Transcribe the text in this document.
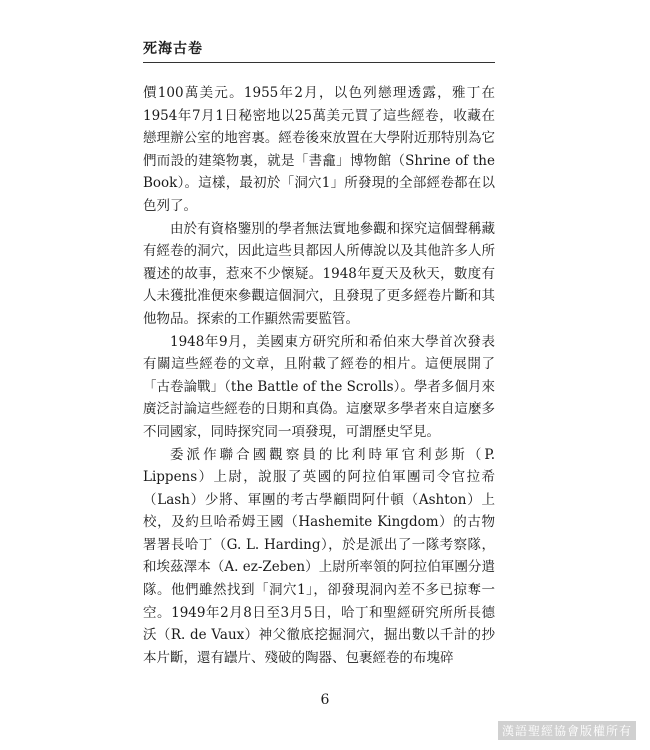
死海古卷

價100萬美元。1955年2月，以色列戀理透露，雅丁在1954年7月1日秘密地以25萬美元買了這些經卷，收藏在戀理辦公室的地窖裏。經卷後來放置在大學附近那特別為它們而設的建築物裏，就是「書龕」博物館（Shrine of the Book）。這樣，最初於「洞穴1」所發現的全部經卷都在以色列了。

由於有資格鑒別的學者無法實地參觀和探究這個聲稱藏有經卷的洞穴，因此這些貝都因人所傳說以及其他許多人所覆述的故事，惹來不少懷疑。1948年夏天及秋天，數度有人未獲批准便來參觀這個洞穴，且發現了更多經卷片斷和其他物品。探索的工作顯然需要監管。

1948年9月，美國東方研究所和希伯來大學首次發表有關這些經卷的文章，且附載了經卷的相片。這便展開了「古卷論戰」（the Battle of the Scrolls）。學者多個月來廣泛討論這些經卷的日期和真偽。這麼眾多學者來自這麼多不同國家，同時探究同一項發現，可謂歷史罕見。

委派作聯合國觀察員的比利時軍官利彭斯（P. Lippens）上尉，說服了英國的阿拉伯軍團司令官拉希（Lash）少將、軍團的考古學顧問阿什頓（Ashton）上校，及約旦哈希姆王國（Hashemite Kingdom）的古物署署長哈丁（G. L. Harding），於是派出了一隊考察隊，和埃茲澤本（A. ez-Zeben）上尉所率領的阿拉伯軍團分遣隊。他們雖然找到「洞穴1」，卻發現洞內差不多已掠奪一空。1949年2月8日至3月5日，哈丁和聖經研究所所長德沃（R. de Vaux）神父徹底挖掘洞穴，掘出數以千計的抄本片斷，還有罎片、殘破的陶器、包裹經卷的布塊碎

6
漢語聖經協會版權所有
